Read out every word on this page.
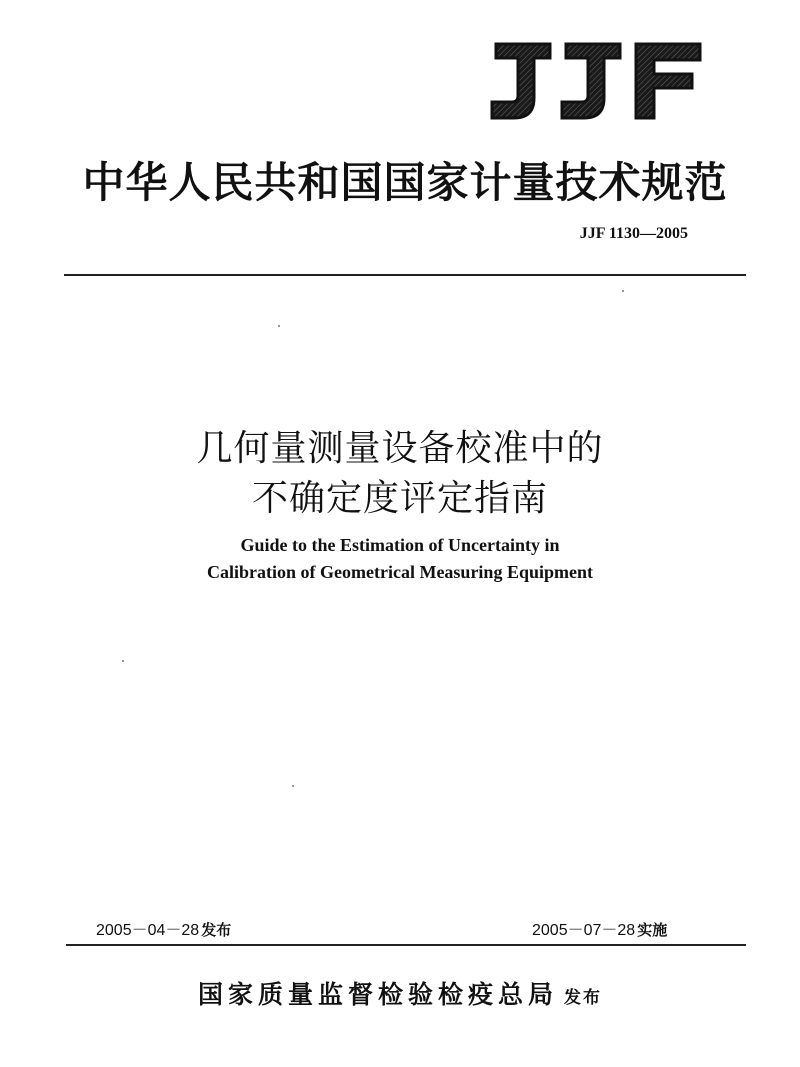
中华人民共和国国家计量技术规范
JJF 1130—2005
几何量测量设备校准中的
不确定度评定指南
Guide to the Estimation of Uncertainty in
Calibration of Geometrical Measuring Equipment
2005－04－28 发布	2005－07－28 实施
国家质量监督检验检疫总局 发布
